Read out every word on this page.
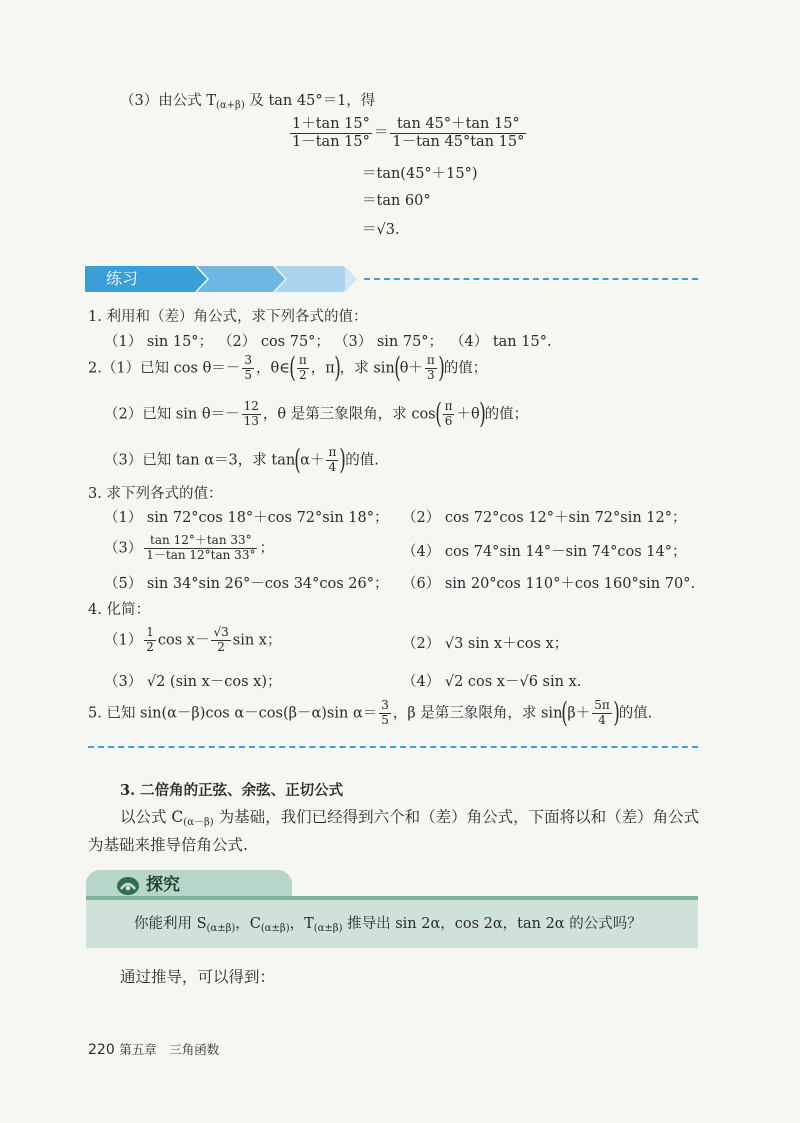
（3）由公式 $T_{(\alpha+\beta)}$ 及 tan 45°＝1，得
$\frac{1+\tan 15^\circ}{1-\tan 15^\circ} = \frac{\tan 45^\circ+\tan 15^\circ}{1-\tan 45^\circ\tan 15^\circ}$
＝tan(45°＋15°)
＝tan 60°
＝√3.
练习
1. 利用和（差）角公式，求下列各式的值：
（1） sin 15°； （2） cos 75°； （3） sin 75°； （4） tan 15°.
2.（1）已知 $\cos \theta=- \frac{3}{5}$ ，θ∈( $\frac{\pi}{2}$ ，π)，求 $\sin(\theta+ \frac{\pi}{3}$ )的值；
（2）已知 $\sin \theta=- \frac{12}{13}$ ，θ 是第三象限角，求 $\cos( \frac{\pi}{6} +\theta)$的值；
（3）已知 tan α＝3，求 $\tan(\alpha+ \frac{\pi}{4}$ )的值.
3. 求下列各式的值：
（1） sin 72°cos 18°＋cos 72°sin 18°； （2） cos 72°cos 12°＋sin 72°sin 12°；
$(3) \frac{\tan 12^\circ+\tan 33^\circ}{1-\tan 12^\circ\tan 33^\circ}$ ；	（4） cos 74°sin 14°－sin 74°cos 14°；
（5） sin 34°sin 26°－cos 34°cos 26°； （6） sin 20°cos 110°＋cos 160°sin 70°.
4. 化简：
$(1) \frac{1}{2}$ $\cos x- \frac{√3}{2}$ sin x；	（2） √3 sin x＋cos x；
（3） √2 (sin x－cos x)；	（4） √2 cos x－√6 sin x.
5. 已知 sin(α－β)cos α－cos(β－α)sin $\alpha= \frac{3}{5}$ ，β 是第三象限角，求 $\sin(\beta+ \frac{5\pi}{4}$ )的值.
3. 二倍角的正弦、余弦、正切公式
以公式 $C_{(\alpha-\beta)}$ 为基础，我们已经得到六个和（差）角公式，下面将以和（差）角公式
为基础来推导倍角公式.
探究
你能利用 $S_{(\alpha\pm\beta)}$，$C_{(\alpha\pm\beta)}$，$T_{(\alpha\pm\beta)}$ 推导出 sin 2α，cos 2α，tan 2α 的公式吗？
通过推导，可以得到：
220 第五章　三角函数
